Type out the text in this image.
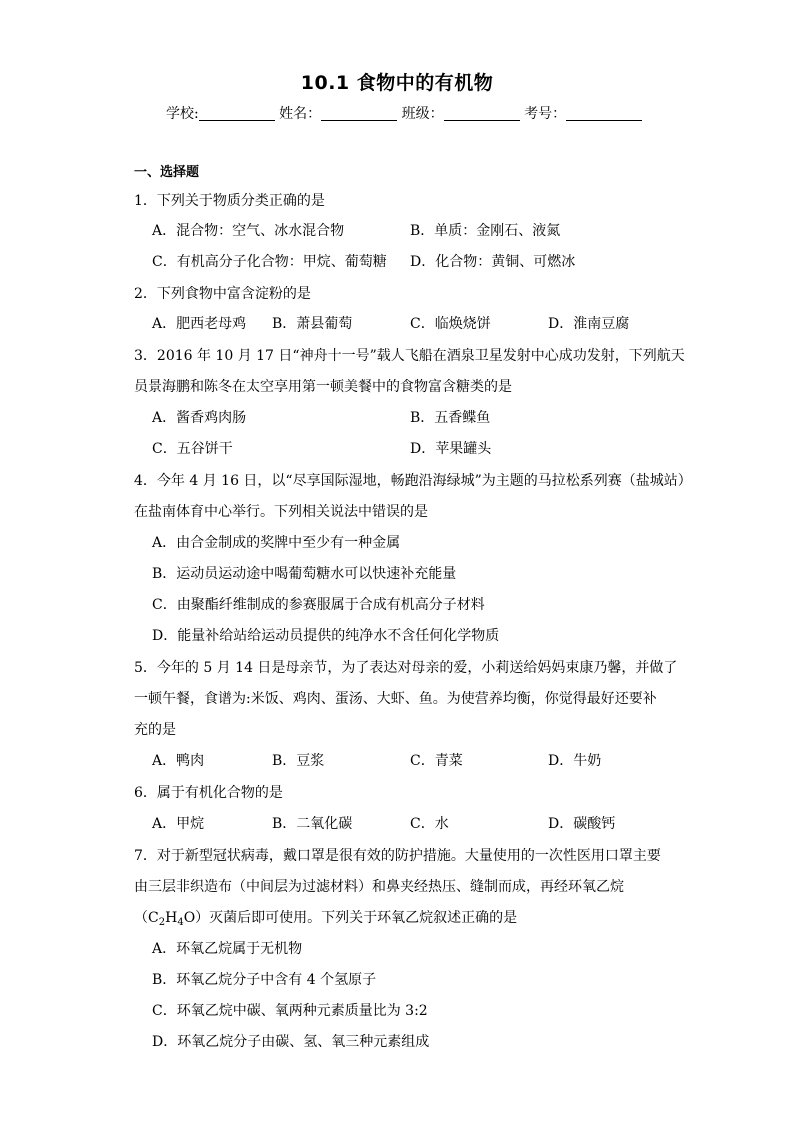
10.1 食物中的有机物
学校:	姓名：	班级：	考号：
一、选择题
1．下列关于物质分类正确的是
A．混合物：空气、冰水混合物	B．单质：金刚石、液氮
C．有机高分子化合物：甲烷、葡萄糖 D．化合物：黄铜、可燃冰
2．下列食物中富含淀粉的是
A．肥西老母鸡 B．萧县葡萄	C．临焕烧饼	D．淮南豆腐
3．2016 年 10 月 17 日“神舟十一号”载人飞船在酒泉卫星发射中心成功发射，下列航天
员景海鹏和陈冬在太空享用第一顿美餐中的食物富含糖类的是
A．酱香鸡肉肠	B．五香鲽鱼
C．五谷饼干	D．苹果罐头
4．今年 4 月 16 日，以“尽享国际湿地，畅跑沿海绿城”为主题的马拉松系列赛（盐城站）
在盐南体育中心举行。下列相关说法中错误的是
A．由合金制成的奖牌中至少有一种金属
B．运动员运动途中喝葡萄糖水可以快速补充能量
C．由聚酯纤维制成的参赛服属于合成有机高分子材料
D．能量补给站给运动员提供的纯净水不含任何化学物质
5．今年的 5 月 14 日是母亲节，为了表达对母亲的爱，小莉送给妈妈束康乃馨，并做了
一顿午餐，食谱为:米饭、鸡肉、蛋汤、大虾、鱼。为使营养均衡，你觉得最好还要补
充的是
A．鸭肉	B．豆浆	C．青菜	D．牛奶
6．属于有机化合物的是
A．甲烷	B．二氧化碳	C．水	D．碳酸钙
7．对于新型冠状病毒，戴口罩是很有效的防护措施。大量使用的一次性医用口罩主要
由三层非织造布（中间层为过滤材料）和鼻夹经热压、缝制而成，再经环氧乙烷
$(C_2H_4O)$灭菌后即可使用。下列关于环氧乙烷叙述正确的是
A．环氧乙烷属于无机物
B．环氧乙烷分子中含有 4 个氢原子
C．环氧乙烷中碳、氧两种元素质量比为 3:2
D．环氧乙烷分子由碳、氢、氧三种元素组成
